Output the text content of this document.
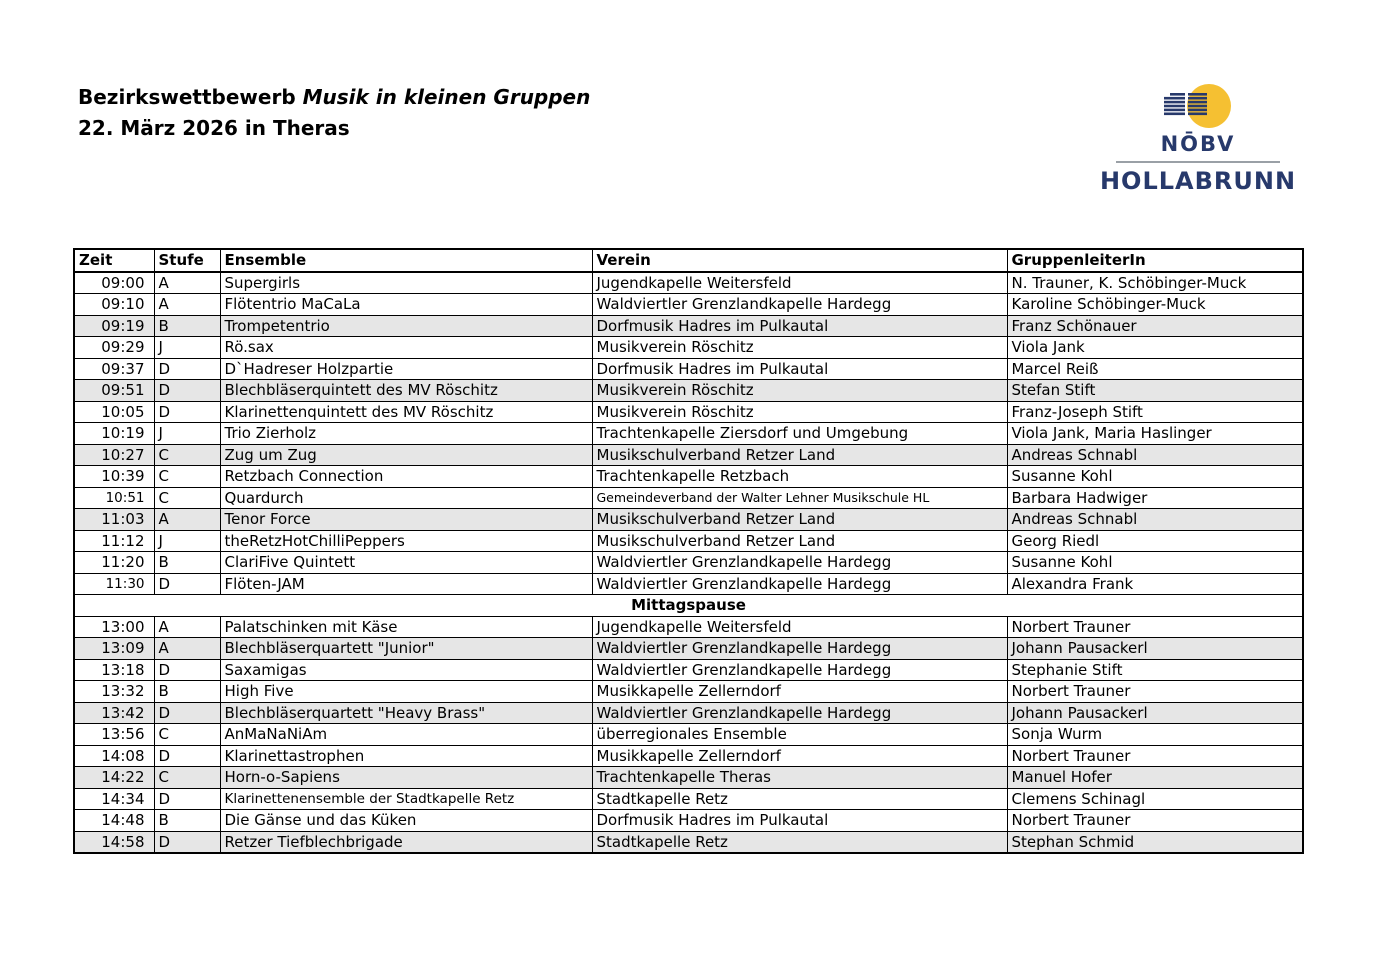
Bezirkswettbewerb Musik in kleinen Gruppen
22. März 2026 in Theras
NŌBV
HOLLABRUNN
Zeit	Stufe	Ensemble	Verein	GruppenleiterIn
09:00	A	Supergirls	Jugendkapelle Weitersfeld	N. Trauner, K. Schöbinger-Muck
09:10	A	Flötentrio MaCaLa	Waldviertler Grenzlandkapelle Hardegg	Karoline Schöbinger-Muck
09:19	B	Trompetentrio	Dorfmusik Hadres im Pulkautal	Franz Schönauer
09:29	J	Rö.sax	Musikverein Röschitz	Viola Jank
09:37	D	D`Hadreser Holzpartie	Dorfmusik Hadres im Pulkautal	Marcel Reiß
09:51	D	Blechbläserquintett des MV Röschitz	Musikverein Röschitz	Stefan Stift
10:05	D	Klarinettenquintett des MV Röschitz	Musikverein Röschitz	Franz-Joseph Stift
10:19	J	Trio Zierholz	Trachtenkapelle Ziersdorf und Umgebung	Viola Jank, Maria Haslinger
10:27	C	Zug um Zug	Musikschulverband Retzer Land	Andreas Schnabl
10:39	C	Retzbach Connection	Trachtenkapelle Retzbach	Susanne Kohl
10:51	C	Quardurch	Gemeindeverband der Walter Lehner Musikschule HL	Barbara Hadwiger
11:03	A	Tenor Force	Musikschulverband Retzer Land	Andreas Schnabl
11:12	J	theRetzHotChilliPeppers	Musikschulverband Retzer Land	Georg Riedl
11:20	B	ClariFive Quintett	Waldviertler Grenzlandkapelle Hardegg	Susanne Kohl
11:30	D	Flöten-JAM	Waldviertler Grenzlandkapelle Hardegg	Alexandra Frank
Mittagspause				
13:00	A	Palatschinken mit Käse	Jugendkapelle Weitersfeld	Norbert Trauner
13:09	A	Blechbläserquartett "Junior"	Waldviertler Grenzlandkapelle Hardegg	Johann Pausackerl
13:18	D	Saxamigas	Waldviertler Grenzlandkapelle Hardegg	Stephanie Stift
13:32	B	High Five	Musikkapelle Zellerndorf	Norbert Trauner
13:42	D	Blechbläserquartett "Heavy Brass"	Waldviertler Grenzlandkapelle Hardegg	Johann Pausackerl
13:56	C	AnMaNaNiAm	überregionales Ensemble	Sonja Wurm
14:08	D	Klarinettastrophen	Musikkapelle Zellerndorf	Norbert Trauner
14:22	C	Horn-o-Sapiens	Trachtenkapelle Theras	Manuel Hofer
14:34	D	Klarinettenensemble der Stadtkapelle Retz	Stadtkapelle Retz	Clemens Schinagl
14:48	B	Die Gänse und das Küken	Dorfmusik Hadres im Pulkautal	Norbert Trauner
14:58	D	Retzer Tiefblechbrigade	Stadtkapelle Retz	Stephan Schmid
